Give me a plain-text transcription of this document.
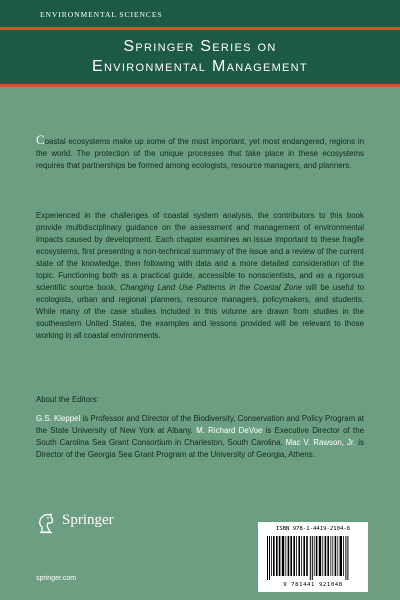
ENVIRONMENTAL SCIENCES
Springer Series on
Environmental Management
Coastal ecosystems make up some of the most important, yet most endangered, regions in the world. The protection of the unique processes that take place in these ecosystems requires that partnerships be formed among ecologists, resource managers, and planners.
Experienced in the challenges of coastal system analysis, the contributors to this book provide multidisciplinary guidance on the assessment and management of environmental impacts caused by development. Each chapter examines an issue important to these fragile ecosystems, first presenting a non-technical summary of the issue and a review of the current state of the knowledge, then following with data and a more detailed consideration of the topic. Functioning both as a practical guide, accessible to nonscientists, and as a rigorous scientific source book, Changing Land Use Patterns in the Coastal Zone will be useful to ecologists, urban and regional planners, resource managers, policymakers, and students. While many of the case studies included in this volume are drawn from studies in the southeastern United States, the examples and lessons provided will be relevant to those working in all coastal environments.
About the Editors:
G.S. Kleppel is Professor and Director of the Biodiversity, Conservation and Policy Program at the State University of New York at Albany. M. Richard DeVoe is Executive Director of the South Carolina Sea Grant Consortium in Charleston, South Carolina. Mac V. Rawson, Jr. is Director of the Georgia Sea Grant Program at the University of Georgia, Athens.
Springer
ISBN 978-1-4419-2104-8
9 781441 921048
springer.com
